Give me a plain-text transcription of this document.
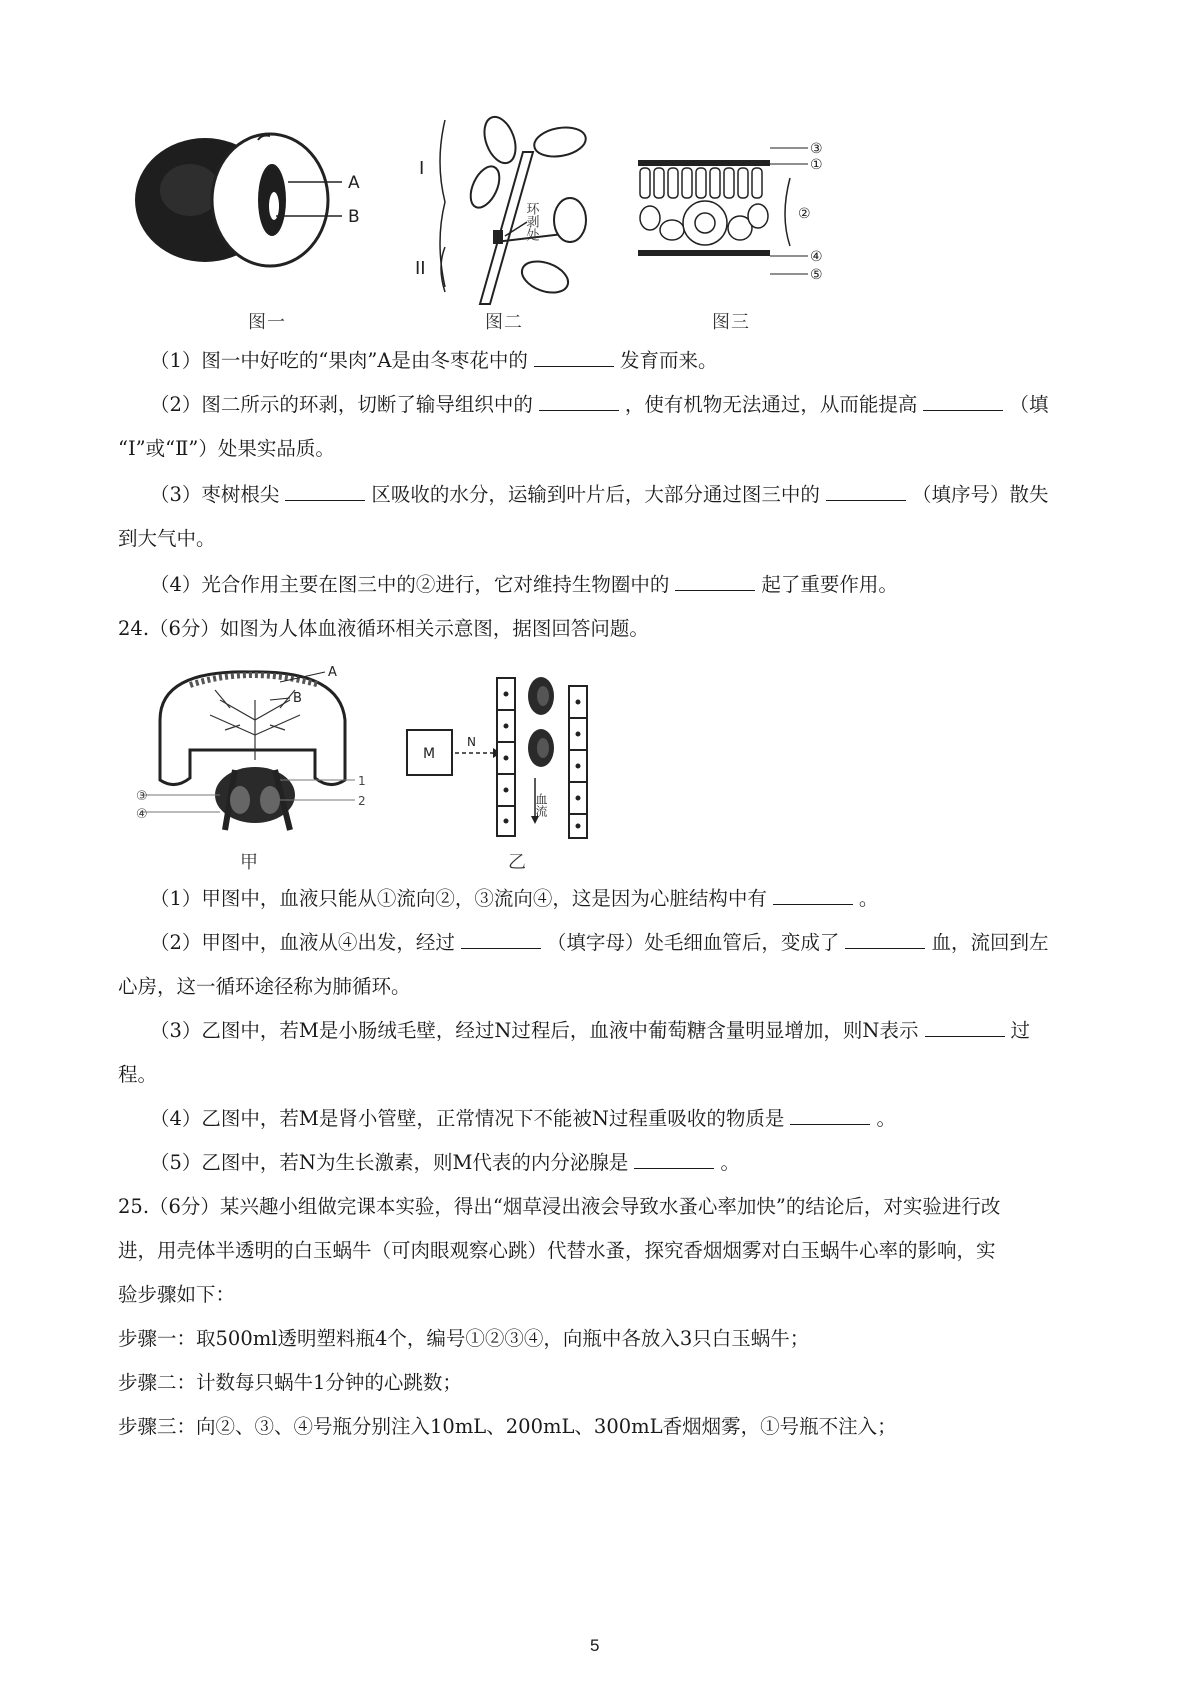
A
B
图一
I
II
环剥处
图二
③
①
②
④
⑤
图三
（1）图一中好吃的“果肉”A是由冬枣花中的	发育而来。
（2）图二所示的环剥，切断了输导组织中的	，使有机物无法通过，从而能提高	（填
“Ⅰ”或“Ⅱ”）处果实品质。
（3）枣树根尖	区吸收的水分，运输到叶片后，大部分通过图三中的	（填序号）散失
到大气中。
（4）光合作用主要在图三中的②进行，它对维持生物圈中的	起了重要作用。
24.（6分）如图为人体血液循环相关示意图，据图回答问题。
A
B
③
④
1
2
甲
M
N
血流
乙
（1）甲图中，血液只能从①流向②，③流向④，这是因为心脏结构中有	。
（2）甲图中，血液从④出发，经过	（填字母）处毛细血管后，变成了	血，流回到左
心房，这一循环途径称为肺循环。
（3）乙图中，若M是小肠绒毛壁，经过N过程后，血液中葡萄糖含量明显增加，则N表示	过
程。
（4）乙图中，若M是肾小管壁，正常情况下不能被N过程重吸收的物质是	。
（5）乙图中，若N为生长激素，则M代表的内分泌腺是	。
25.（6分）某兴趣小组做完课本实验，得出“烟草浸出液会导致水蚤心率加快”的结论后，对实验进行改
进，用壳体半透明的白玉蜗牛（可肉眼观察心跳）代替水蚤，探究香烟烟雾对白玉蜗牛心率的影响，实
验步骤如下：
步骤一：取500ml透明塑料瓶4个，编号①②③④，向瓶中各放入3只白玉蜗牛；
步骤二：计数每只蜗牛1分钟的心跳数；
步骤三：向②、③、④号瓶分别注入10mL、200mL、300mL香烟烟雾，①号瓶不注入；
5
